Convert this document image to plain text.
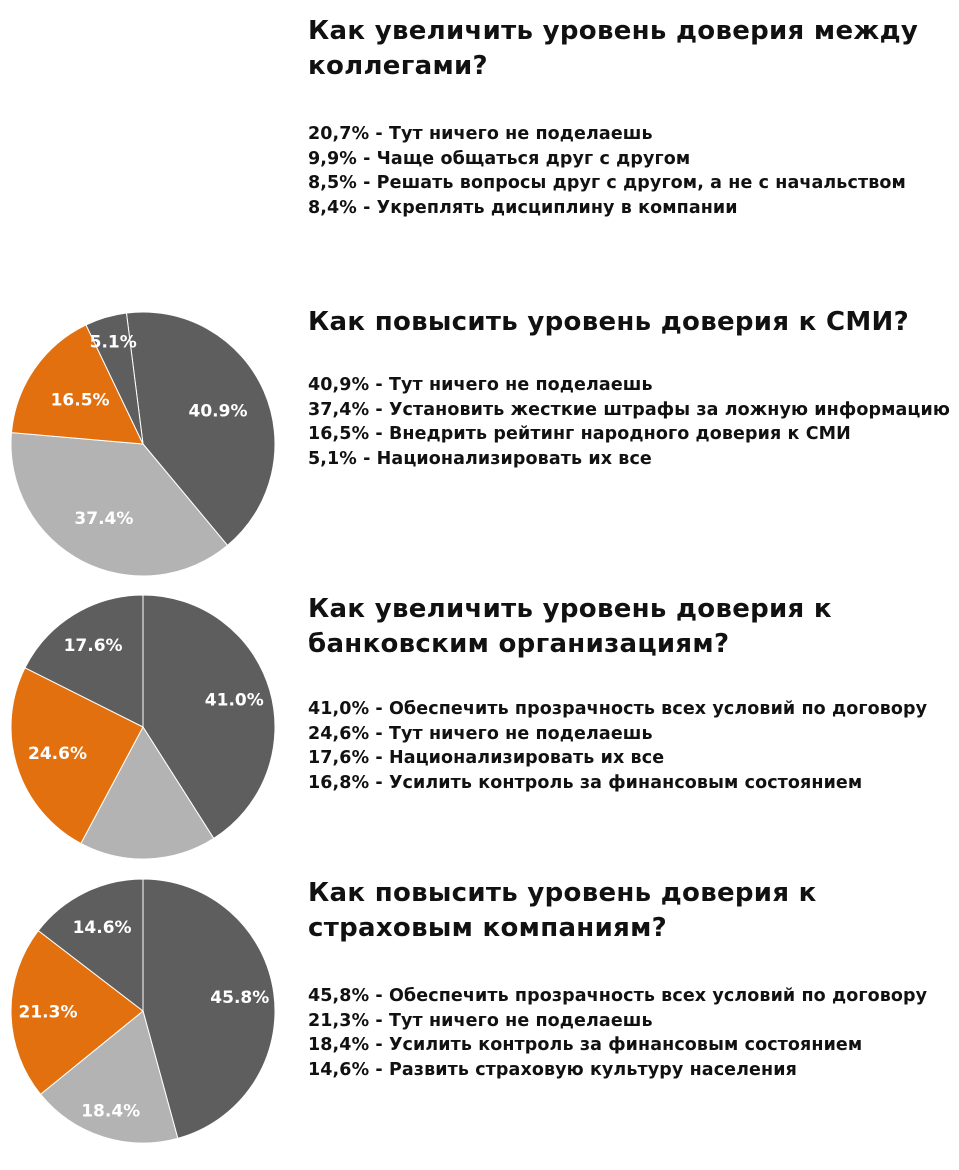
Как увеличить уровень доверия между коллегами?
20,7% - Тут ничего не поделаешь
9,9% - Чаще общаться друг с другом
8,5% - Решать вопросы друг с другом, а не с начальством
8,4% - Укреплять дисциплину в компании
40.9%
37.4%
16.5%
5.1%
Как повысить уровень доверия к СМИ?
40,9% - Тут ничего не поделаешь
37,4% - Установить жесткие штрафы за ложную информацию
16,5% - Внедрить рейтинг народного доверия к СМИ
5,1% - Национализировать их все
41.0%
24.6%
17.6%
Как увеличить уровень доверия к банковским организациям?
41,0% - Обеспечить прозрачность всех условий по договору
24,6% - Тут ничего не поделаешь
17,6% - Национализировать их все
16,8% - Усилить контроль за финансовым состоянием
45.8%
18.4%
21.3%
14.6%
Как повысить уровень доверия к страховым компаниям?
45,8% - Обеспечить прозрачность всех условий по договору
21,3% - Тут ничего не поделаешь
18,4% - Усилить контроль за финансовым состоянием
14,6% - Развить страховую культуру населения
